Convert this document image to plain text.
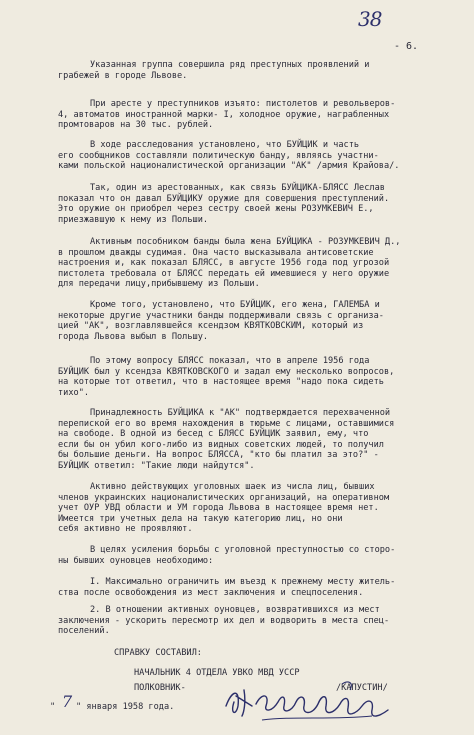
38
- 6.
Указанная группа совершила ряд преступных проявлений и
грабежей в городе Львове.
При аресте у преступников изъято: пистолетов и револьверов-
4, автоматов иностранной марки- I, холодное оружие, награбленных
промтоваров на 30 тыс. рублей.
В ходе расследования установлено, что БУЙЦИК и часть
его сообщников составляли политическую банду, являясь участни-
ками польской националистической организации "АК" /армия Крайова/.
Так, один из арестованных, как связь БУЙЦИКА-БЛЯСС Леслав
показал что он давал БУЙЦИКУ оружие для совершения преступлений.
Это оружие он приобрел через сестру своей жены РОЗУМКЕВИЧ Е.,
приезжавшую к нему из Польши.
Активным пособником банды была жена БУЙЦИКА - РОЗУМКЕВИЧ Д.,
в прошлом дважды судимая. Она часто высказывала антисоветские
настроения и, как показал БЛЯСС, в августе 1956 года под угрозой
пистолета требовала от БЛЯСС передать ей имевшиеся у него оружие
для передачи лицу,прибывшему из Польши.
Кроме того, установлено, что БУЙЦИК, его жена, ГАЛЕМБА и
некоторые другие участники банды поддерживали связь с организа-
цией "АК", возглавлявшейся ксендзом КВЯТКОВСКИМ, который из
города Львова выбыл в Польшу.
По этому вопросу БЛЯСС показал, что в апреле 1956 года
БУЙЦИК был у ксендза КВЯТКОВСКОГО и задал ему несколько вопросов,
на которые тот ответил, что в настоящее время "надо пока сидеть
тихо".
Принадлежность БУЙЦИКА к "АК" подтверждается перехваченной
перепиской его во время нахождения в тюрьме с лицами, оставшимися
на свободе. В одной из бесед с БЛЯСС БУЙЦИК заявил, ему, что
если бы он убил кого-либо из видных советских людей, то получил
бы большие деньги. На вопрос БЛЯССА, "кто бы платил за это?" -
БУЙЦИК ответил: "Такие люди найдутся".
Активно действующих уголовных шаек из числа лиц, бывших
членов украинских националистических организаций, на оперативном
учет ОУР УВД области и УМ города Львова в настоящее время нет.
Имеется три учетных дела на такую категорию лиц, но они
себя активно не проявляют.
В целях усиления борьбы с уголовной преступностью со сторо-
ны бывших оуновцев необходимо:
I. Максимально ограничить им въезд к прежнему месту житель-
ства после освобождения из мест заключения и спецпоселения.
2. В отношении активных оуновцев, возвратившихся из мест
заключения - ускорить пересмотр их дел и водворить в места спец-
поселений.
СПРАВКУ СОСТАВИЛ:
НАЧАЛЬНИК 4 ОТДЕЛА УВКО МВД УССР
ПОЛКОВНИК-	/КАПУСТИН/
" 7 " января 1958 года.
